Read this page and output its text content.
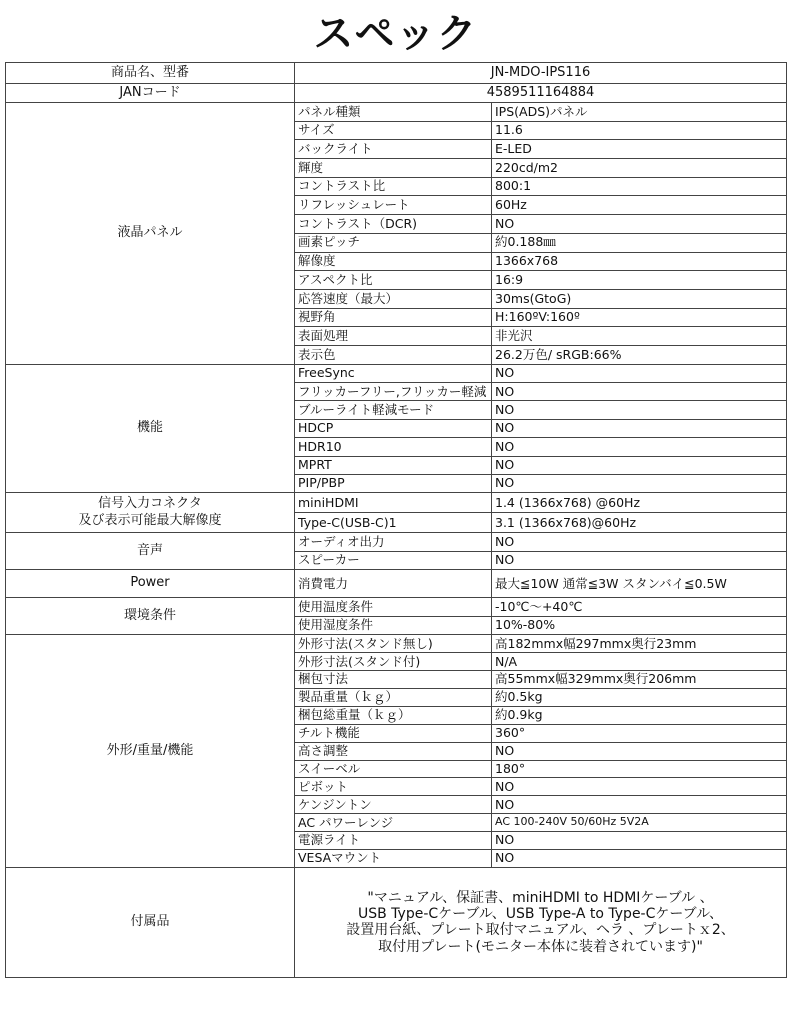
スペック
商品名、型番	JN-MDO-IPS116	
JANコード	4589511164884	
液晶パネル	パネル種類	IPS(ADS)パネル
	サイズ	11.6
	バックライト	E-LED
	輝度	220cd/m2
	コントラスト比	800:1
	リフレッシュレート	60Hz
	コントラスト（DCR)	NO
	画素ピッチ	約0.188㎜
	解像度	1366x768
	アスペクト比	16:9
	応答速度（最大）	30ms(GtoG)
	視野角	H:160ºV:160º
	表面処理	非光沢
	表示色	26.2万色/ sRGB:66%
機能	FreeSync	NO
	フリッカーフリー,フリッカー軽減	NO
	ブルーライト軽減モード	NO
	HDCP	NO
	HDR10	NO
	MPRT	NO
	PIP/PBP	NO

信号入力コネクタ
及び表示可能最大解像度	miniHDMI	1.4 (1366x768) @60Hz
	Type-C(USB-C)1	3.1 (1366x768)@60Hz
音声	オーディオ出力	NO
	スピーカー	NO
Power	消費電力	最大≦10W 通常≦3W スタンバイ≦0.5W
環境条件	使用温度条件	-10℃～+40℃
	使用湿度条件	10%-80%
外形/重量/機能	外形寸法(スタンド無し)	高182mmx幅297mmx奥行23mm
	外形寸法(スタンド付)	N/A
	梱包寸法	高55mmx幅329mmx奥行206mm
	製品重量（ｋｇ）	約0.5kg
	梱包総重量（ｋｇ）	約0.9kg
	チルト機能	360°
	高さ調整	NO
	スイーベル	180°
	ピボット	NO
	ケンジントン	NO
	AC パワーレンジ	AC 100-240V 50/60Hz 5V2A
	電源ライト	NO
	VESAマウント	NO
付属品	"マニュアル、保証書、miniHDMI to HDMIケーブル 、
USB Type-Cケーブル、USB Type-A to Type-Cケーブル、
設置用台紙、プレート取付マニュアル、ヘラ 、プレートｘ2、
取付用プレート(モニター本体に装着されています)"	
